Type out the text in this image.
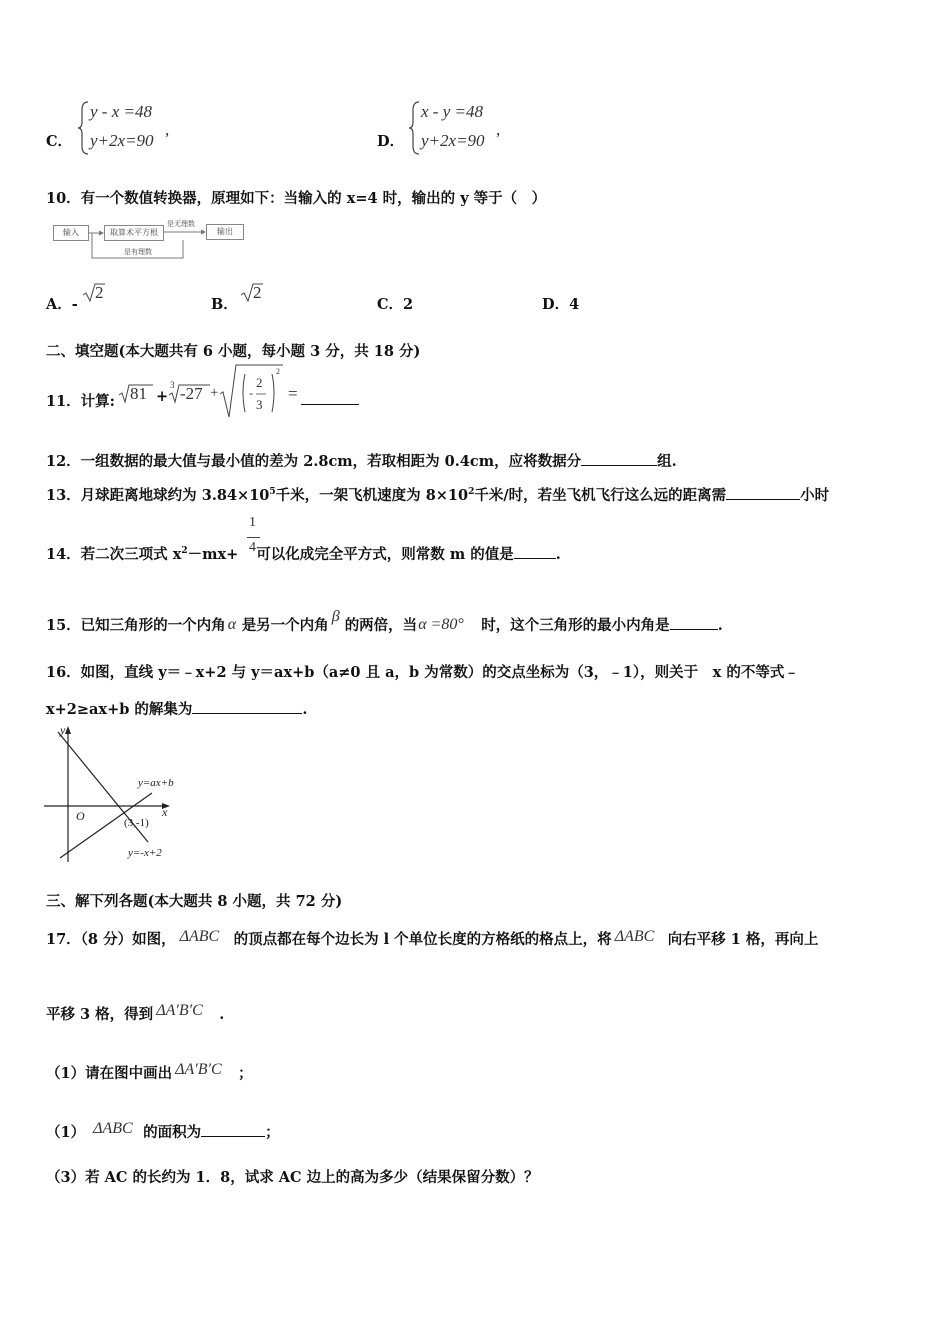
C．
y - x =48
y+2x=90
,
D．
x - y =48
y+2x=90
,
10．有一个数值转换器，原理如下：当输入的 x=4 时，输出的 y 等于（　）
输入	取算术平方根	输出
是无理数
是有理数
A．-
2
B．
2
C．2	D．4
二、填空题(本大题共有 6 小题，每小题 3 分，共 18 分)
11．计算: 81 +
3 -27 +	-
2
3
2
=
12．一组数据的最大值与最小值的差为 2.8cm，若取相距为 0.4cm，应将数据分	组.
13．月球距离地球约为 $3.84\times 10^5$千米，一架飞机速度为 $8\times 10^2$千米/时，若坐飞机飞行这么远的距离需	小时
14．若二次三项式 $x^2-mx+$ 可以化成完全平方式，则常数 m 的值是	.
1
4
15．已知三角形的一个内角 α 是另一个内角
β
的两倍，当 α =80° 时，这个三角形的最小内角是	.
16．如图，直线 y＝﹣x+2 与 y＝ax+b（a≠0 且 a，b 为常数）的交点坐标为（3，﹣1），则关于　x 的不等式﹣
x+2≥ax+b 的解集为	.
y
x
O
y=ax+b
(3,-1)
y=-x+2
三、解下列各题(本大题共 8 小题，共 72 分)
17．（8 分）如图， ΔABC 的顶点都在每个边长为 l 个单位长度的方格纸的格点上，将 ΔABC 向右平移 1 格，再向上
平移 3 格，得到 ΔA′B′C .
（1）请在图中画出 ΔA′B′C ；
（1） ΔABC 的面积为	；
（3）若 AC 的长约为 1．8，试求 AC 边上的高为多少（结果保留分数）？
